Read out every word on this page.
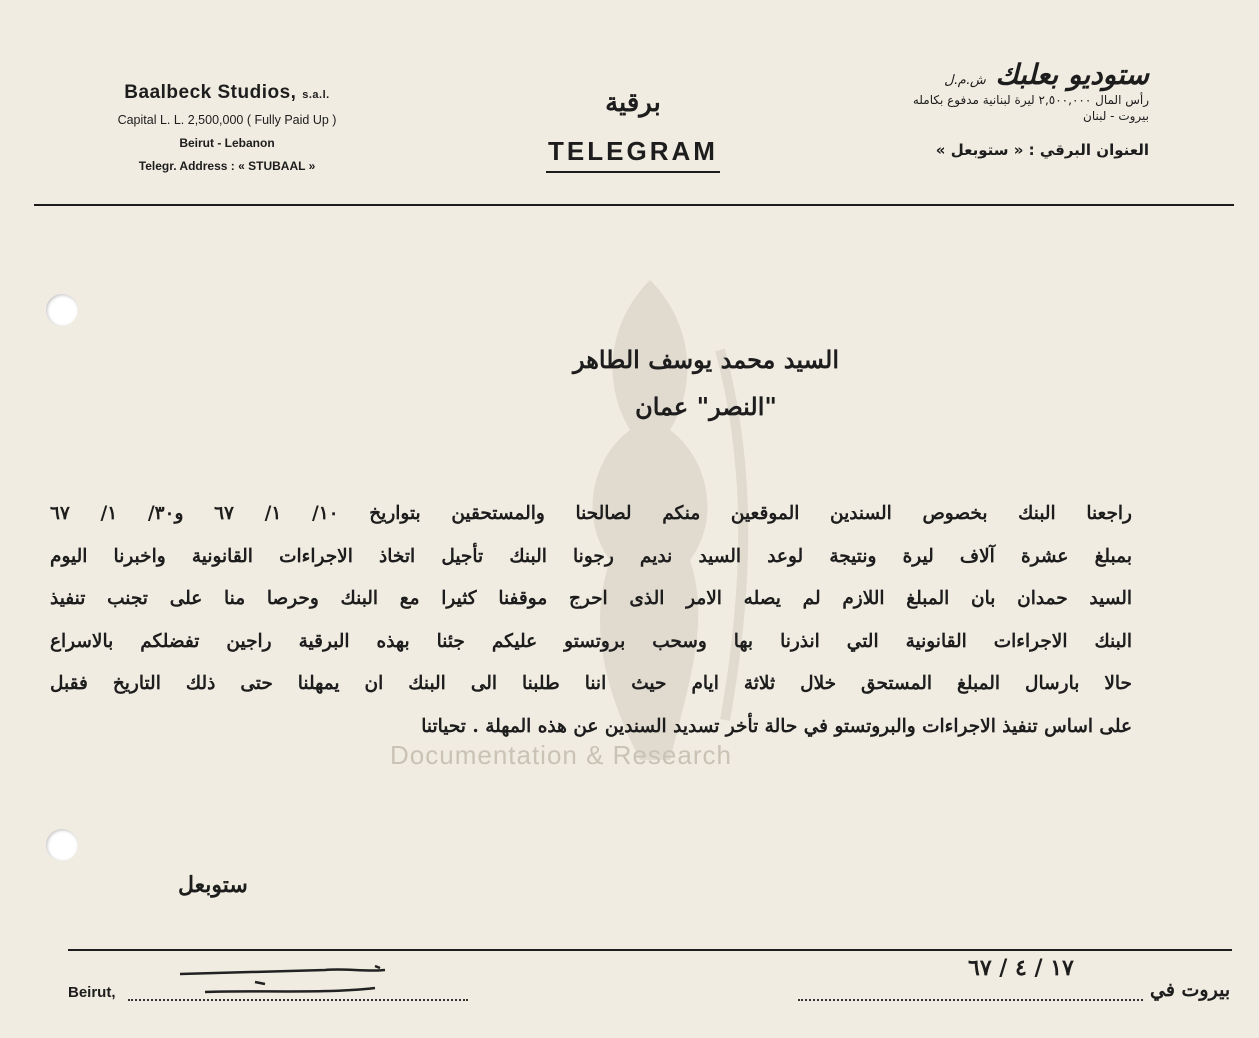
Baalbeck Studios, s.a.l.
Capital L. L. 2,500,000 ( Fully Paid Up )
Beirut - Lebanon
Telegr. Address : « STUBAAL »
برقية
TELEGRAM
ستوديو بعلبك ش.م.ل
رأس المال ٢,٥٠٠,٠٠٠ ليرة لبنانية مدفوع بكامله
بيروت - لبنان
العنوان البرقي : « ستوبعل »
Documentation & Research
السيد محمد يوسف الطاهر
"النصر" عمان

راجعنا البنك بخصوص السندين الموقعين منكم لصالحنا والمستحقين بتواريخ ١٠/ ١/ ٦٧ و٣٠/ ١/ ٦٧

بمبلغ عشرة آلاف ليرة ونتيجة لوعد السيد نديم رجونا البنك تأجيل اتخاذ الاجراءات القانونية واخبرنا اليوم

السيد حمدان بان المبلغ اللازم لم يصله الامر الذى احرج موقفنا كثيرا مع البنك وحرصا منا على تجنب تنفيذ

البنك الاجراءات القانونية التي انذرنا بها وسحب بروتستو عليكم جئنا بهذه البرقية راجين تفضلكم بالاسراع

حالا بارسال المبلغ المستحق خلال ثلاثة ايام حيث اننا طلبنا الى البنك ان يمهلنا حتى ذلك التاريخ فقبل

على اساس تنفيذ الاجراءات والبروتستو في حالة تأخر تسديد السندين عن هذه المهلة . تحياتنا

ستوبعل
١٧ / ٤ / ٦٧
Beirut,	بيروت في
